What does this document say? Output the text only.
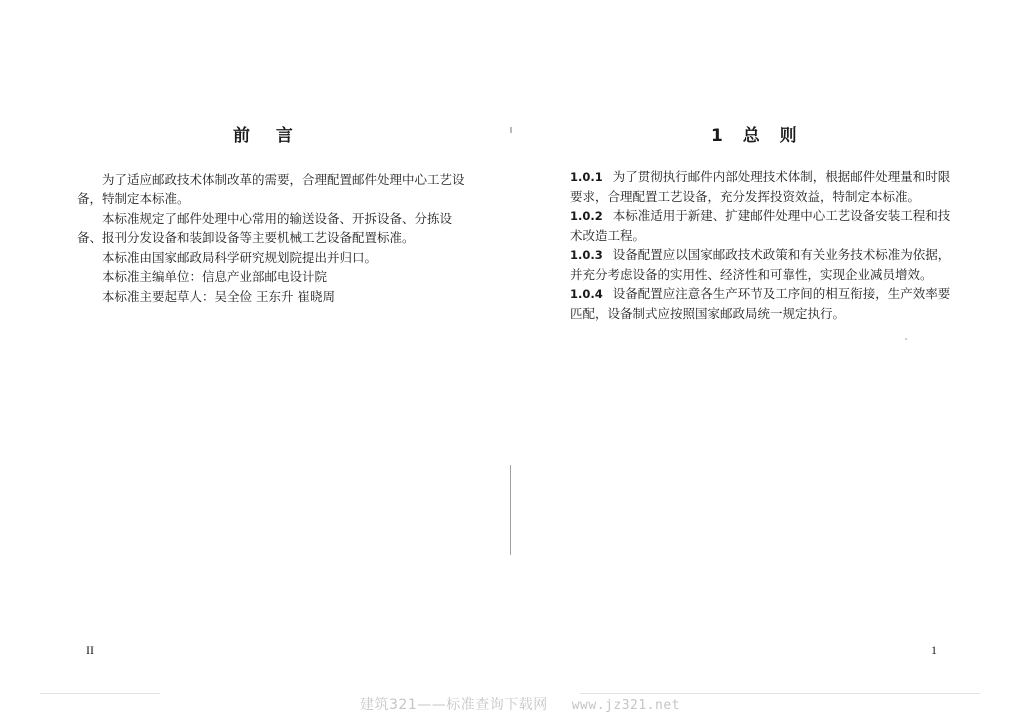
前 言
为了适应邮政技术体制改革的需要，合理配置邮件处理中心工艺设备，特制定本标准。
本标准规定了邮件处理中心常用的输送设备、开拆设备、分拣设备、报刊分发设备和装卸设备等主要机械工艺设备配置标准。
本标准由国家邮政局科学研究规划院提出并归口。
本标准主编单位：信息产业部邮电设计院
本标准主要起草人：吴全俭 王东升 崔晓周
II
1 总 则
1.0.1 为了贯彻执行邮件内部处理技术体制，根据邮件处理量和时限要求，合理配置工艺设备，充分发挥投资效益，特制定本标准。
1.0.2 本标准适用于新建、扩建邮件处理中心工艺设备安装工程和技术改造工程。
1.0.3 设备配置应以国家邮政技术政策和有关业务技术标准为依据，并充分考虑设备的实用性、经济性和可靠性，实现企业减员增效。
1.0.4 设备配置应注意各生产环节及工序间的相互衔接，生产效率要匹配，设备制式应按照国家邮政局统一规定执行。
1
建筑321——标准查询下载网 www.jz321.net
